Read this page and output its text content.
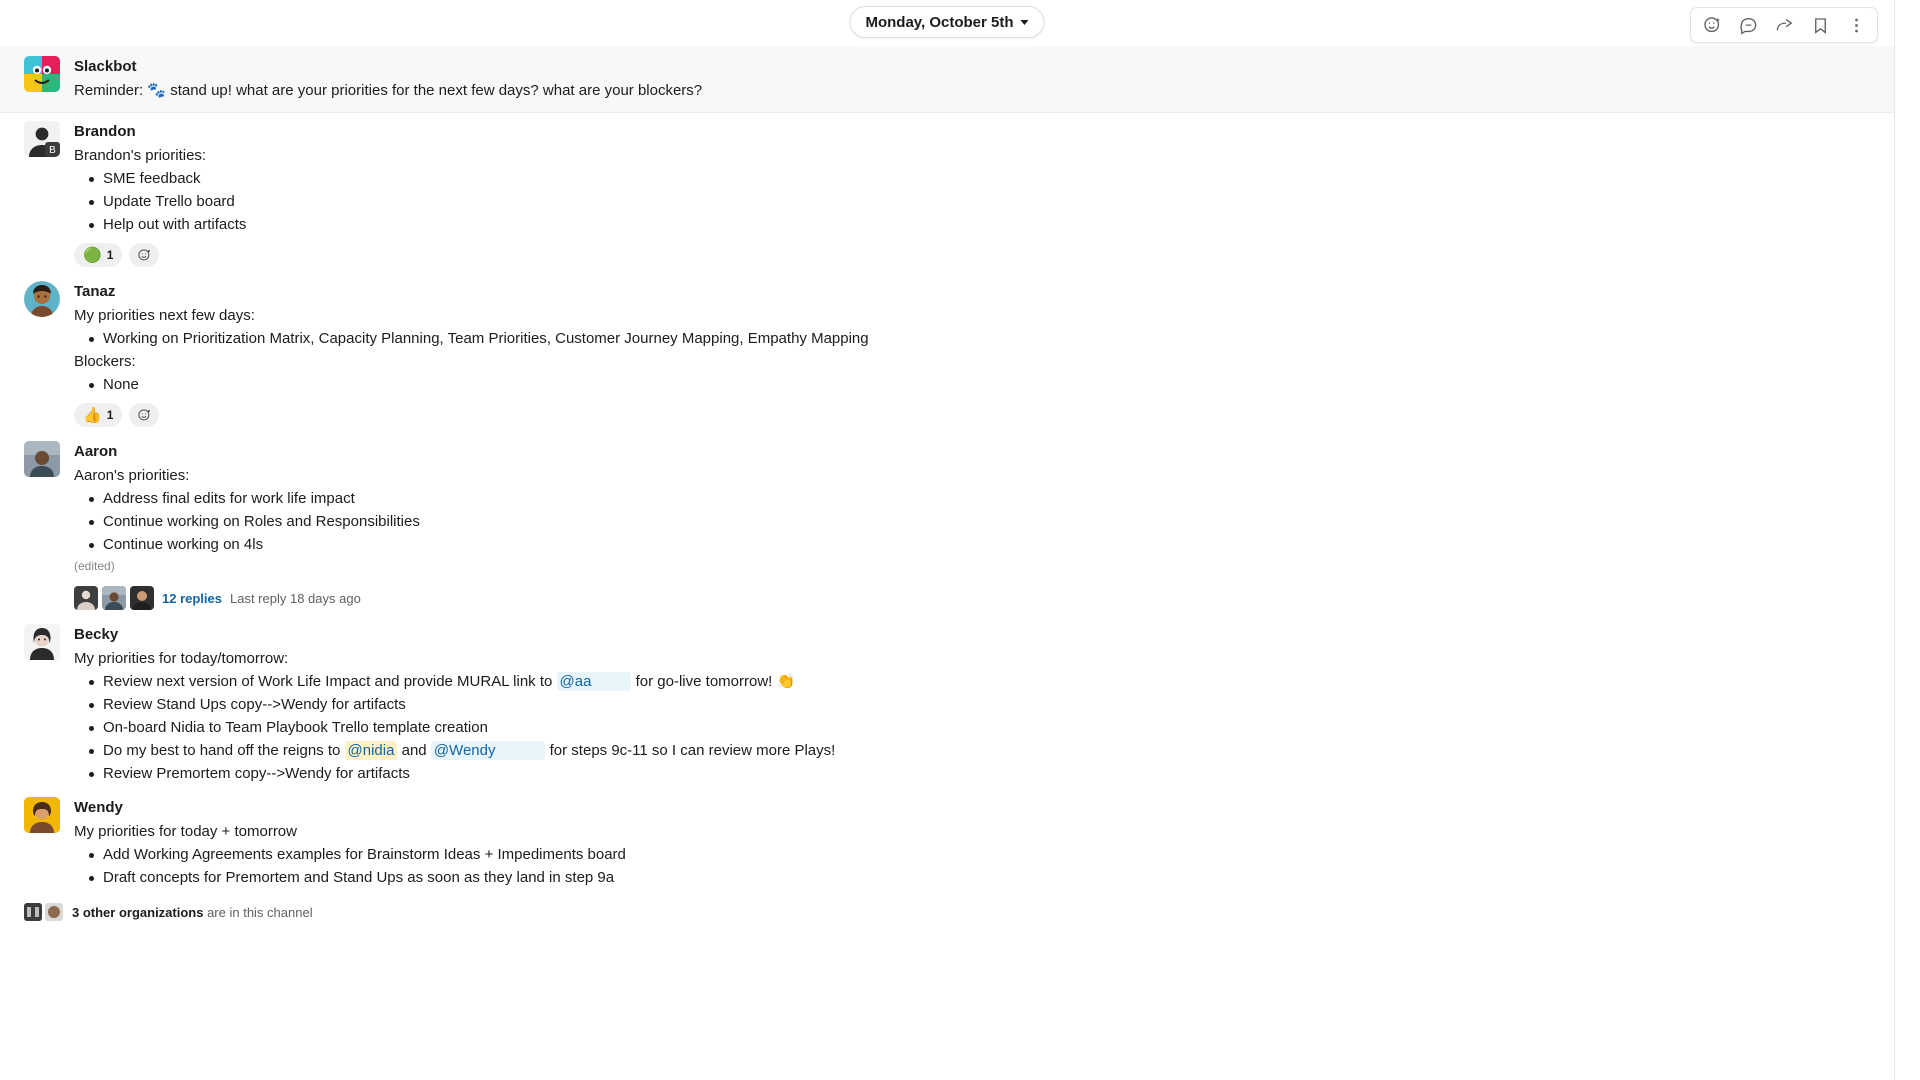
Monday, October 5th
Slackbot
Reminder: 🐾 stand up! what are your priorities for the next few days? what are your blockers?
B
Brandon
Brandon's priorities:
SME feedback
Update Trello board
Help out with artifacts
🟢 1
Tanaz
My priorities next few days:
Working on Prioritization Matrix, Capacity Planning, Team Priorities, Customer Journey Mapping, Empathy Mapping
Blockers:
None
👍 1
Aaron
Aaron's priorities:
Address final edits for work life impact
Continue working on Roles and Responsibilities
Continue working on 4ls
(edited)
12 replies Last reply 18 days ago
Becky
My priorities for today/tomorrow:
Review next version of Work Life Impact and provide MURAL link to @aa	for go-live tomorrow! 👏
Review Stand Ups copy-->Wendy for artifacts
On-board Nidia to Team Playbook Trello template creation
Do my best to hand off the reigns to @nidia and @Wendy	for steps 9c-11 so I can review more Plays!
Review Premortem copy-->Wendy for artifacts
Wendy
My priorities for today + tomorrow
Add Working Agreements examples for Brainstorm Ideas + Impediments board
Draft concepts for Premortem and Stand Ups as soon as they land in step 9a
3 other organizations are in this channel
